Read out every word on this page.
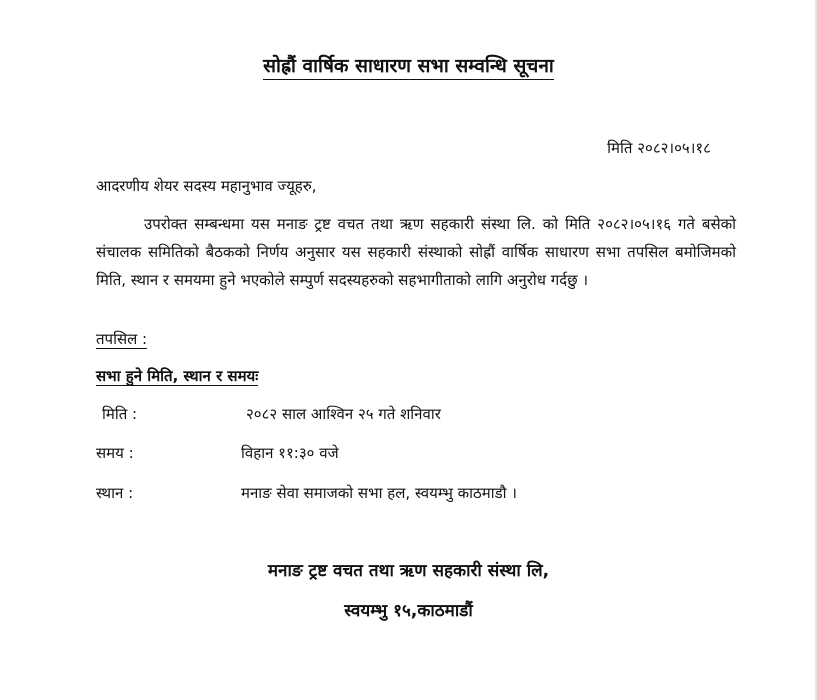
सोह्रौं वार्षिक साधारण सभा सम्वन्धि सूचना
मिति २०८२।०५।१८
आदरणीय शेयर सदस्य महानुभाव ज्यूहरु,

उपरोक्त सम्बन्धमा यस मनाङ ट्रष्ट वचत तथा ऋण सहकारी संस्था लि. को मिति २०८२।०५।१६ गते बसेको संचालक समितिको बैठकको निर्णय अनुसार यस सहकारी संस्थाको सोह्रौं वार्षिक साधारण सभा तपसिल बमोजिमको मिति, स्थान र समयमा हुने भएकोले सम्पुर्ण सदस्यहरुको सहभागीताको लागि अनुरोध गर्दछु ।

तपसिल :
सभा हुने मिति, स्थान र समयः
मिति :	२०८२ साल आश्विन २५ गते शनिवार
समय :	विहान ११:३० वजे
स्थान :	मनाङ सेवा समाजको सभा हल, स्वयम्भु काठमाडौ ।
मनाङ ट्रष्ट वचत तथा ऋण सहकारी संस्था लि,
स्वयम्भु १५,काठमाडौं
